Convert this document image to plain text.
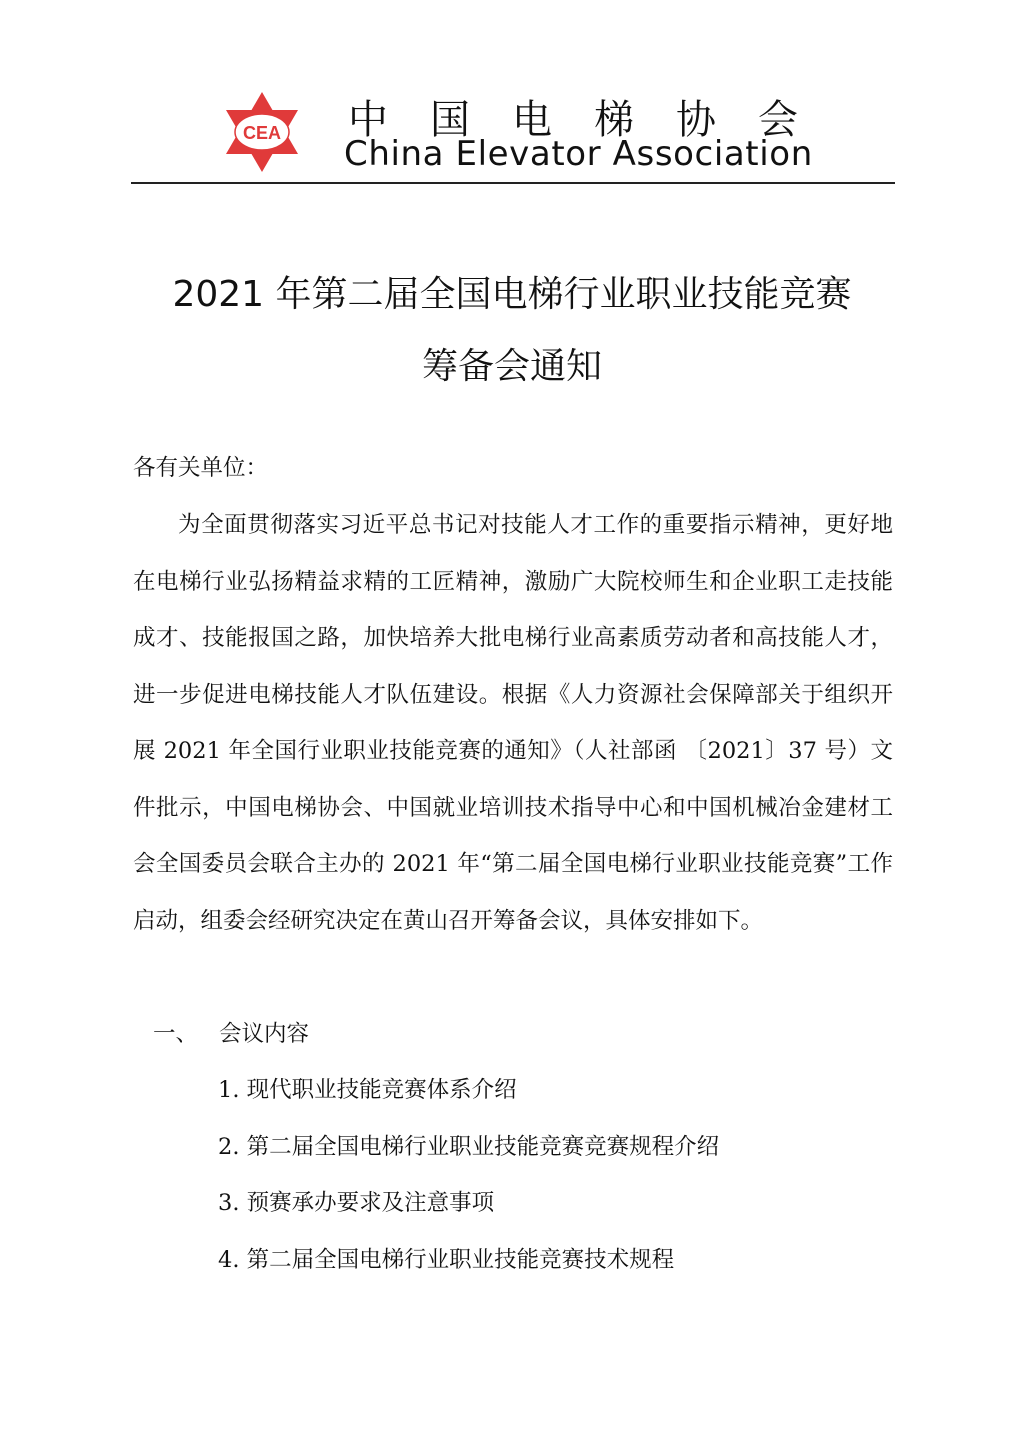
CEA 中国电梯协会
China Elevator Association
2021 年第二届全国电梯行业职业技能竞赛
筹备会通知
各有关单位：
为全面贯彻落实习近平总书记对技能人才工作的重要指示精神，更好地在电梯行业弘扬精益求精的工匠精神，激励广大院校师生和企业职工走技能成才、技能报国之路，加快培养大批电梯行业高素质劳动者和高技能人才，进一步促进电梯技能人才队伍建设。根据《人力资源社会保障部关于组织开展 2021 年全国行业职业技能竞赛的通知》（人社部函 〔2021〕37 号）文件批示，中国电梯协会、中国就业培训技术指导中心和中国机械冶金建材工会全国委员会联合主办的 2021 年“第二届全国电梯行业职业技能竞赛”工作启动，组委会经研究决定在黄山召开筹备会议，具体安排如下。
一、 会议内容
1. 现代职业技能竞赛体系介绍
2. 第二届全国电梯行业职业技能竞赛竞赛规程介绍
3. 预赛承办要求及注意事项
4. 第二届全国电梯行业职业技能竞赛技术规程
